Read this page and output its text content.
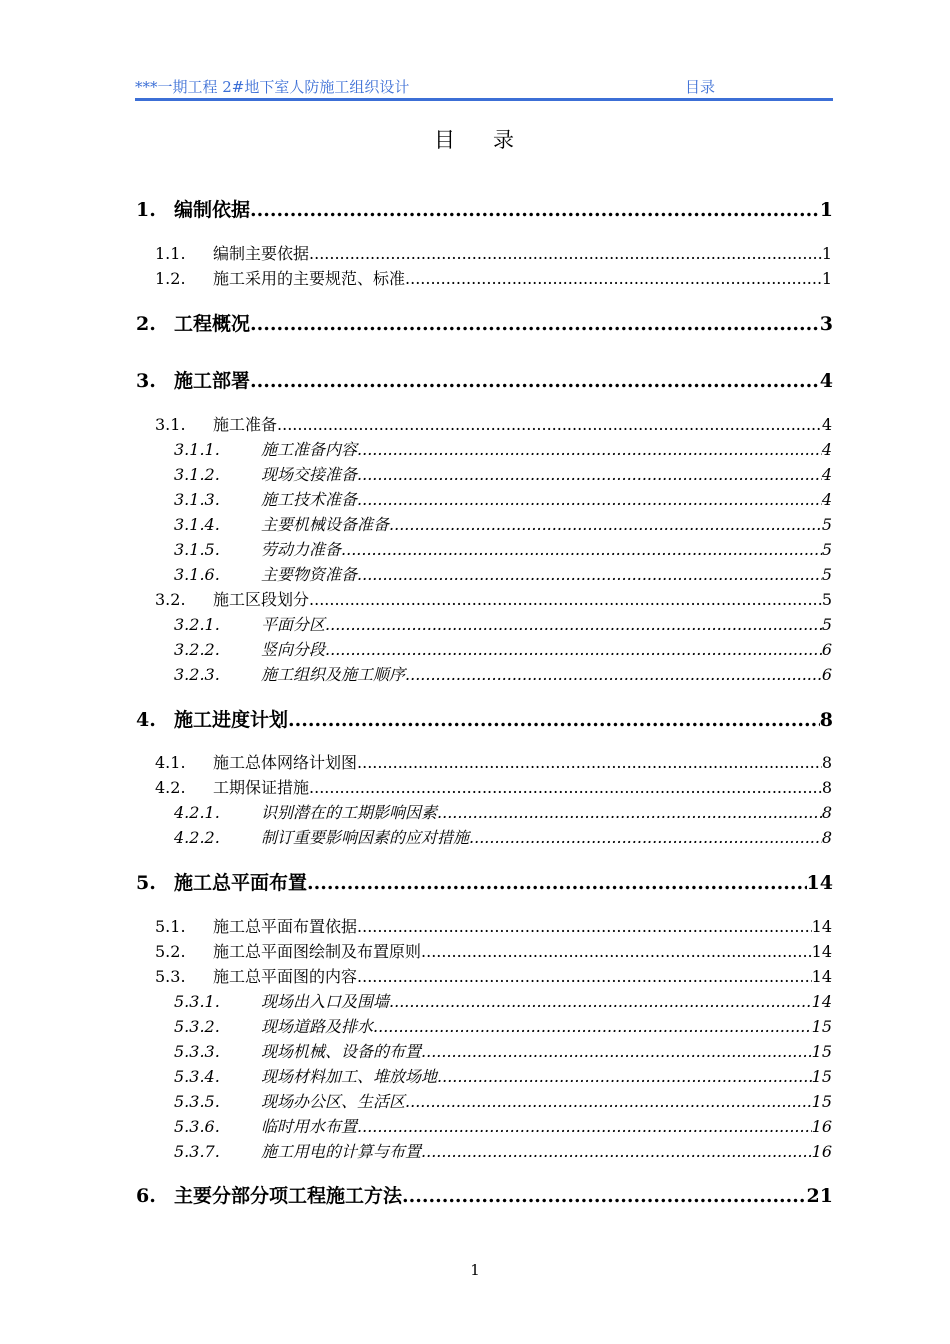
***一期工程 2#地下室人防施工组织设计	目录
目 录
1. 编制依据 .....	1
1.1.	编制主要依据 .....	1
1.2.	施工采用的主要规范、标准 .....	1
2. 工程概况 .....	3
3. 施工部署 .....	4
3.1.	施工准备 .....	4
3.1.1.	施工准备内容 .....	4
3.1.2.	现场交接准备 .....	4
3.1.3.	施工技术准备 .....	4
3.1.4.	主要机械设备准备 .....	5
3.1.5.	劳动力准备 .....	5
3.1.6.	主要物资准备 .....	5
3.2.	施工区段划分 .....	5
3.2.1.	平面分区 .....	5
3.2.2.	竖向分段 .....	6
3.2.3.	施工组织及施工顺序 .....	6
4. 施工进度计划 .....	8
4.1.	施工总体网络计划图 .....	8
4.2.	工期保证措施 .....	8
4.2.1.	识别潜在的工期影响因素 .....	8
4.2.2.	制订重要影响因素的应对措施 .....	8
5. 施工总平面布置 .....	14
5.1.	施工总平面布置依据 .....	14
5.2.	施工总平面图绘制及布置原则 .....	14
5.3.	施工总平面图的内容 .....	14
5.3.1.	现场出入口及围墙 .....	14
5.3.2.	现场道路及排水 .....	15
5.3.3.	现场机械、设备的布置 .....	15
5.3.4.	现场材料加工、堆放场地 .....	15
5.3.5.	现场办公区、生活区 .....	15
5.3.6.	临时用水布置 .....	16
5.3.7.	施工用电的计算与布置 .....	16
6. 主要分部分项工程施工方法 .....	21
1
